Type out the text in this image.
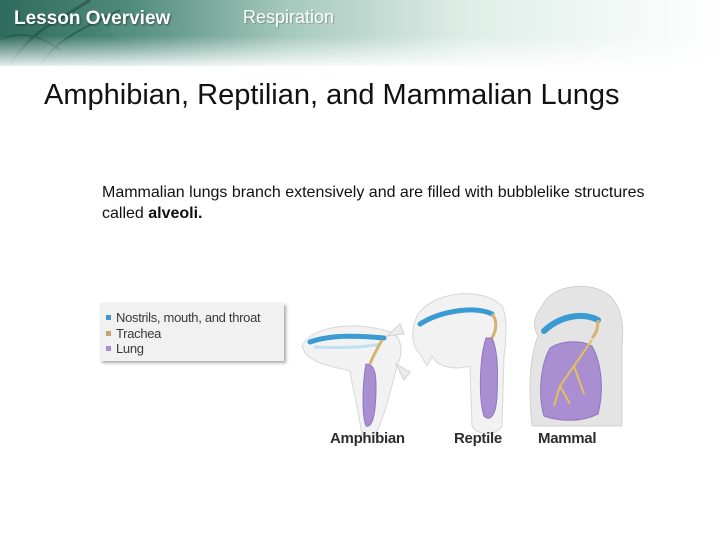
Lesson Overview	Respiration
Amphibian, Reptilian, and Mammalian Lungs
Mammalian lungs branch extensively and are filled with bubblelike structures called alveoli.
Nostrils, mouth, and throat
Trachea
Lung
Amphibian	Reptile Mammal
